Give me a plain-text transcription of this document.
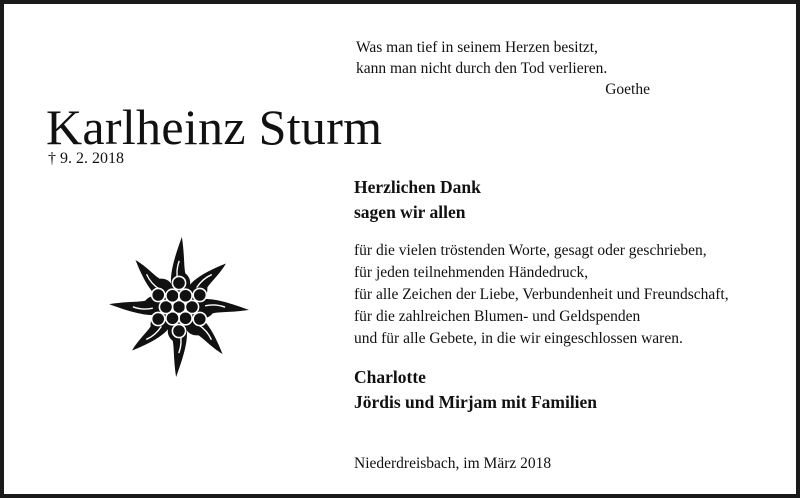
Was man tief in seinem Herzen besitzt,
kann man nicht durch den Tod verlieren.
Goethe
Karlheinz Sturm
† 9. 2. 2018
Herzlichen Dank
sagen wir allen
für die vielen tröstenden Worte, gesagt oder geschrieben,
für jeden teilnehmenden Händedruck,
für alle Zeichen der Liebe, Verbundenheit und Freundschaft,
für die zahlreichen Blumen- und Geldspenden
und für alle Gebete, in die wir eingeschlossen waren.
Charlotte
Jördis und Mirjam mit Familien
Niederdreisbach, im März 2018
